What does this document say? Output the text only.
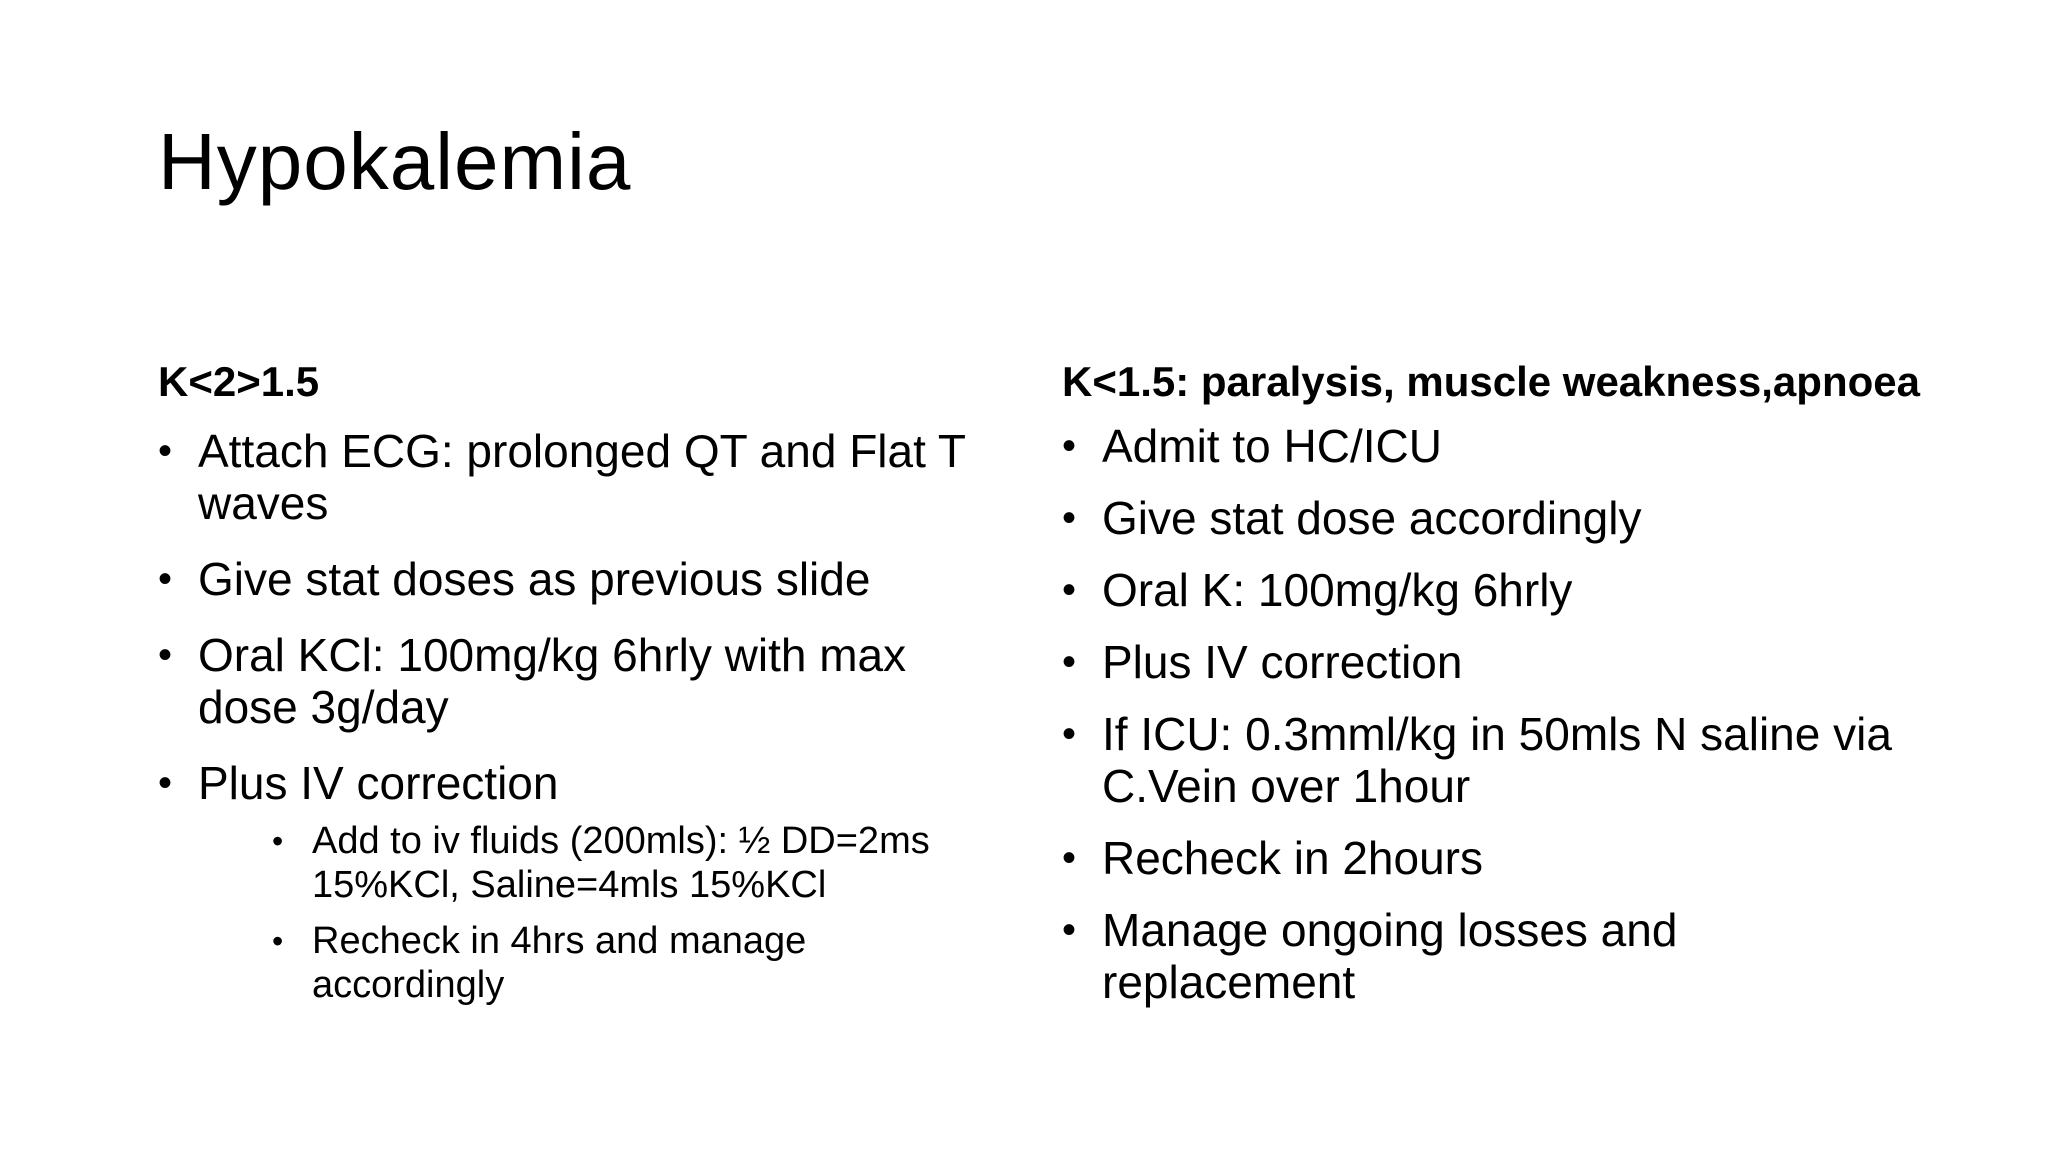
Hypokalemia
K<2>1.5	K<1.5: paralysis, muscle weakness,apnoea
• Attach ECG: prolonged QT and Flat T waves
• Give stat doses as previous slide
• Oral KCl: 100mg/kg 6hrly with max dose 3g/day
• Plus IV correction
• Add to iv fluids (200mls): ½ DD=2ms 15%KCl, Saline=4mls 15%KCl
• Recheck in 4hrs and manage accordingly
• Admit to HC/ICU
• Give stat dose accordingly
• Oral K: 100mg/kg 6hrly
• Plus IV correction
• If ICU: 0.3mml/kg in 50mls N saline via C.Vein over 1hour
• Recheck in 2hours
• Manage ongoing losses and replacement
